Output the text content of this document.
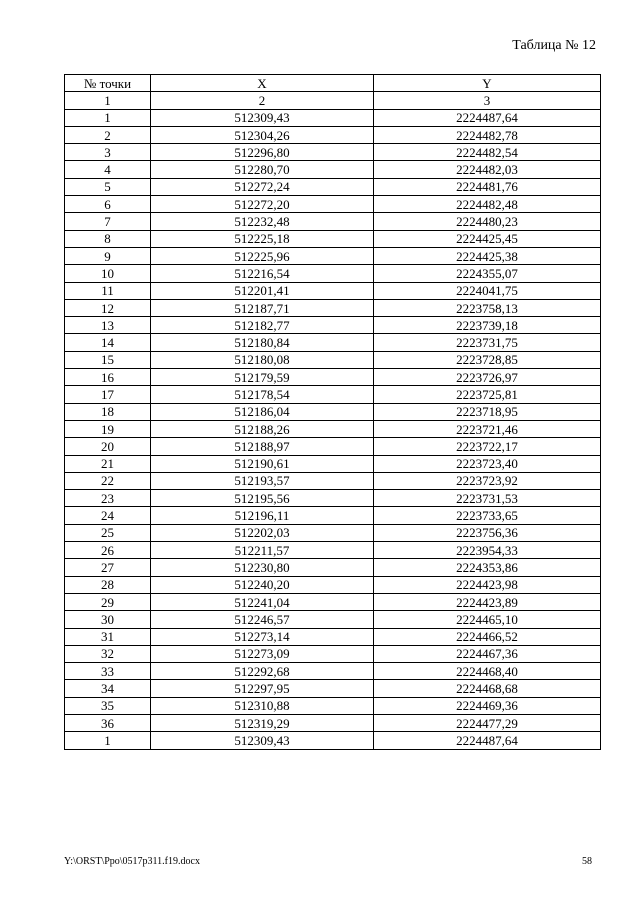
Таблица № 12
№ точки	X	Y
1	2	3
1	512309,43	2224487,64
2	512304,26	2224482,78
3	512296,80	2224482,54
4	512280,70	2224482,03
5	512272,24	2224481,76
6	512272,20	2224482,48
7	512232,48	2224480,23
8	512225,18	2224425,45
9	512225,96	2224425,38
10	512216,54	2224355,07
11	512201,41	2224041,75
12	512187,71	2223758,13
13	512182,77	2223739,18
14	512180,84	2223731,75
15	512180,08	2223728,85
16	512179,59	2223726,97
17	512178,54	2223725,81
18	512186,04	2223718,95
19	512188,26	2223721,46
20	512188,97	2223722,17
21	512190,61	2223723,40
22	512193,57	2223723,92
23	512195,56	2223731,53
24	512196,11	2223733,65
25	512202,03	2223756,36
26	512211,57	2223954,33
27	512230,80	2224353,86
28	512240,20	2224423,98
29	512241,04	2224423,89
30	512246,57	2224465,10
31	512273,14	2224466,52
32	512273,09	2224467,36
33	512292,68	2224468,40
34	512297,95	2224468,68
35	512310,88	2224469,36
36	512319,29	2224477,29
1	512309,43	2224487,64
Y:\ORST\Ppo\0517p311.f19.docx	58
